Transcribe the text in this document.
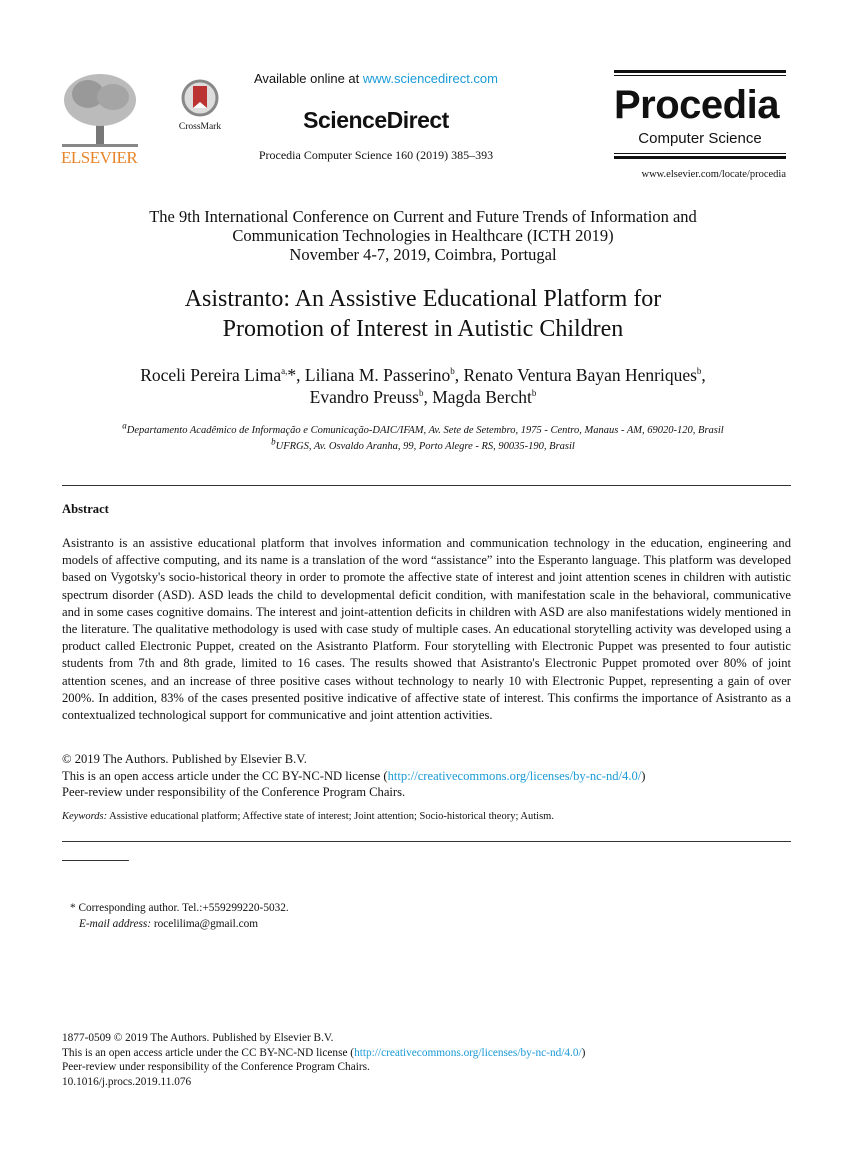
ELSEVIER
CrossMark
Available online at www.sciencedirect.com
ScienceDirect
Procedia Computer Science 160 (2019) 385–393
Procedia
Computer Science
www.elsevier.com/locate/procedia
The 9th International Conference on Current and Future Trends of Information and
Communication Technologies in Healthcare (ICTH 2019)
November 4-7, 2019, Coimbra, Portugal
Asistranto: An Assistive Educational Platform for
Promotion of Interest in Autistic Children
Roceli Pereira Lima$^{a,}$*, Liliana M. Passerino$^b$, Renato Ventura Bayan Henriques$^b$,
Evandro Preuss$^b$, Magda Bercht$^b$
$^a$Departamento Acadêmico de Informação e Comunicação-DAIC/IFAM, Av. Sete de Setembro, 1975 - Centro, Manaus - AM, 69020-120, Brasil
$^b$UFRGS, Av. Osvaldo Aranha, 99, Porto Alegre - RS, 90035-190, Brasil
Abstract
Asistranto is an assistive educational platform that involves information and communication technology in the education, engineering and models of affective computing, and its name is a translation of the word “assistance” into the Esperanto language. This platform was developed based on Vygotsky's socio-historical theory in order to promote the affective state of interest and joint attention scenes in children with autistic spectrum disorder (ASD). ASD leads the child to developmental deficit condition, with manifestation scale in the behavioral, communicative and in some cases cognitive domains. The interest and joint-attention deficits in children with ASD are also manifestations widely mentioned in the literature. The qualitative methodology is used with case study of multiple cases. An educational storytelling activity was developed using a product called Electronic Puppet, created on the Asistranto Platform. Four storytelling with Electronic Puppet was presented to four autistic students from 7th and 8th grade, limited to 16 cases. The results showed that Asistranto's Electronic Puppet promoted over 80% of joint attention scenes, and an increase of three positive cases without technology to nearly 10 with Electronic Puppet, representing a gain of over 200%. In addition, 83% of the cases presented positive indicative of affective state of interest. This confirms the importance of Asistranto as a contextualized technological support for communicative and joint attention activities.
© 2019 The Authors. Published by Elsevier B.V.
This is an open access article under the CC BY-NC-ND license (http://creativecommons.org/licenses/by-nc-nd/4.0/)
Peer-review under responsibility of the Conference Program Chairs.
Keywords: Assistive educational platform; Affective state of interest; Joint attention; Socio-historical theory; Autism.
* Corresponding author. Tel.:+559299220-5032.
E-mail address: rocelilima@gmail.com
1877-0509 © 2019 The Authors. Published by Elsevier B.V.
This is an open access article under the CC BY-NC-ND license (http://creativecommons.org/licenses/by-nc-nd/4.0/)
Peer-review under responsibility of the Conference Program Chairs.
10.1016/j.procs.2019.11.076
